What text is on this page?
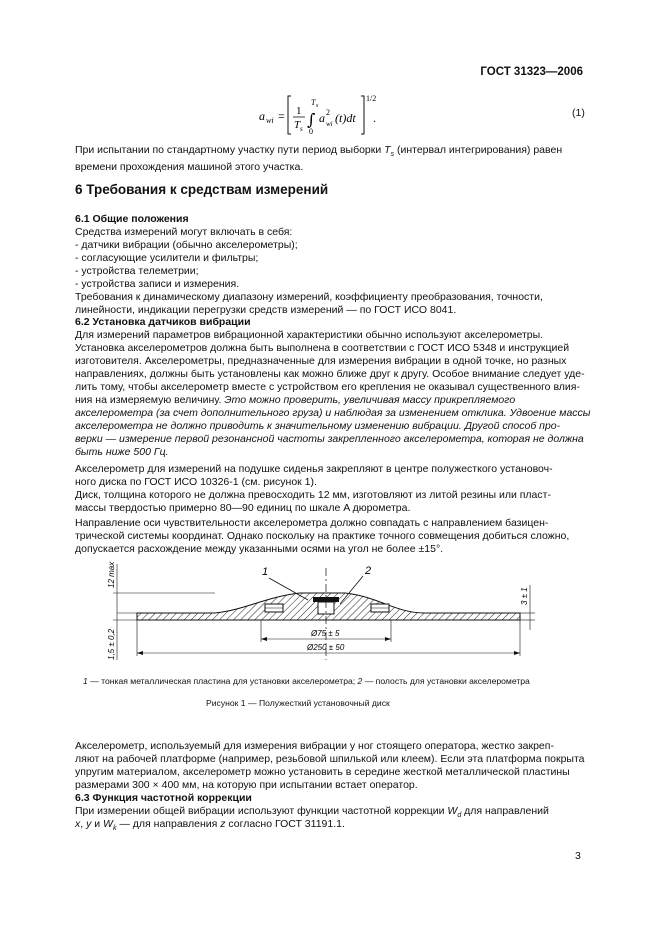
ГОСТ 31323—2006
a wi = 1
T s ∫
T s
0
a 2
wi (t)dt
1/2
.	(1)

При испытании по стандартному участку пути период выборки $T_s$ (интервал интегрирования) равен
времени прохождения машиной этого участка.

6 Требования к средствам измерений
6.1 Общие положения
Средства измерений могут включать в себя:
- датчики вибрации (обычно акселерометры);
- согласующие усилители и фильтры;
- устройства телеметрии;
- устройства записи и измерения.
Требования к динамическому диапазону измерений, коэффициенту преобразования, точности,
линейности, индикации перегрузки средств измерений — по ГОСТ ИСО 8041.
6.2 Установка датчиков вибрации
Для измерений параметров вибрационной характеристики обычно используют акселерометры.
Установка акселерометров должна быть выполнена в соответствии с ГОСТ ИСО 5348 и инструкцией
изготовителя. Акселерометры, предназначенные для измерения вибрации в одной точке, но разных
направлениях, должны быть установлены как можно ближе друг к другу. Особое внимание следует уде-
лить тому, чтобы акселерометр вместе с устройством его крепления не оказывал существенного влия-
ния на измеряемую величину. Это можно проверить, увеличивая массу прикрепляемого
акселерометра (за счет дополнительного груза) и наблюдая за изменением отклика. Удвоение массы
акселерометра не должно приводить к значительному изменению вибрации. Другой способ про-
верки — измерение первой резонансной частоты закрепленного акселерометра, которая не должна
быть ниже 500 Гц.
Акселерометр для измерений на подушке сиденья закрепляют в центре полужесткого установоч-
ного диска по ГОСТ ИСО 10326-1 (см. рисунок 1).
Диск, толщина которого не должна превосходить 12 мм, изготовляют из литой резины или пласт-
массы твердостью примерно 80—90 единиц по шкале A дюрометра.
Направление оси чувствительности акселерометра должно совпадать с направлением базицен-
трической системы координат. Однако поскольку на практике точного совмещения добиться сложно,
допускается расхождение между указанными осями на угол не более ±15°.
1	2
12 max
1,5 ± 0,2
3 ± 1
Ø75 ± 5
Ø250 ± 50
1 — тонкая металлическая пластина для установки акселерометра; 2 — полость для установки акселерометра
Рисунок 1 — Полужесткий установочный диск
Акселерометр, используемый для измерения вибрации у ног стоящего оператора, жестко закреп-
ляют на рабочей платформе (например, резьбовой шпилькой или клеем). Если эта платформа покрыта
упругим материалом, акселерометр можно установить в середине жесткой металлической пластины
размерами 300 × 400 мм, на которую при испытании встает оператор.
6.3 Функция частотной коррекции
При измерении общей вибрации используют функции частотной коррекции $W_d$ для направлений
x, y и $W_k$ — для направления z согласно ГОСТ 31191.1.
3
